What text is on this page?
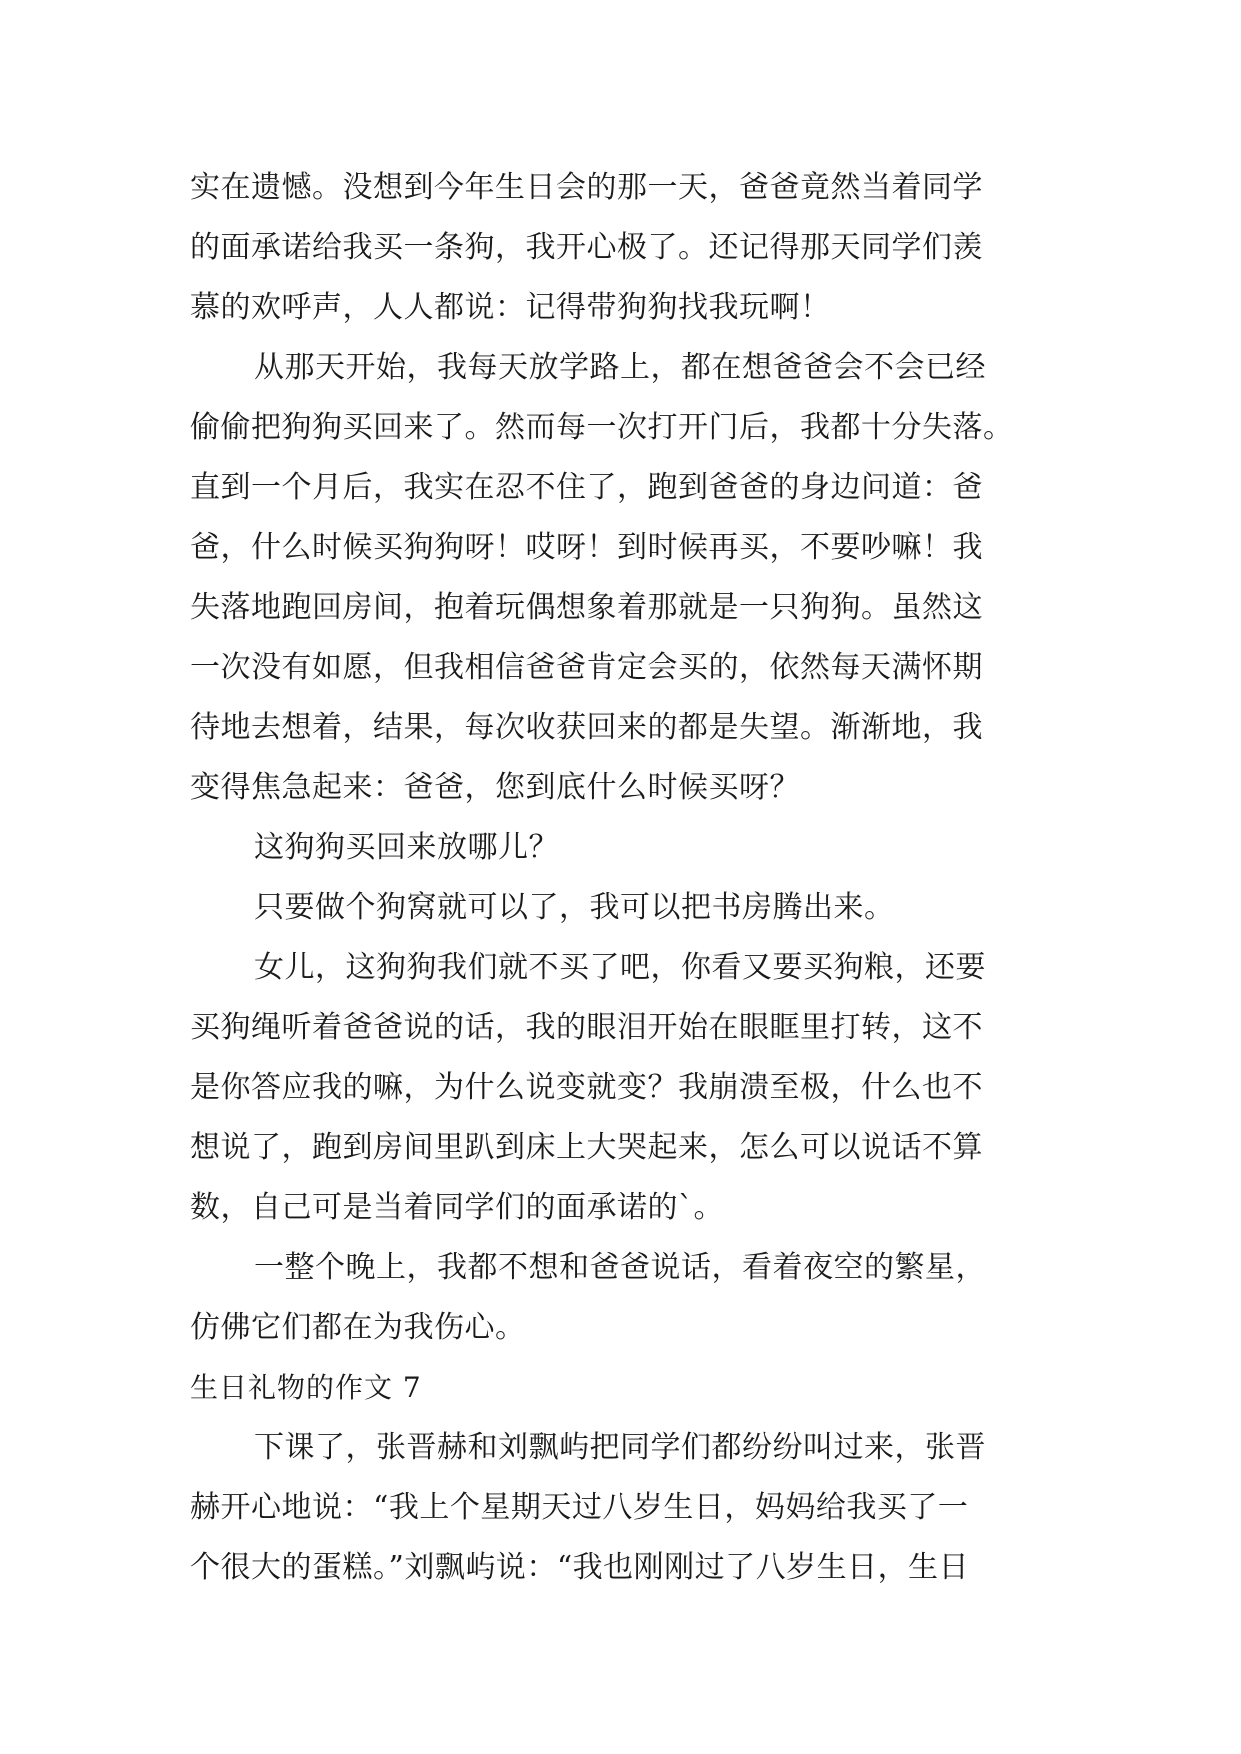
实在遗憾。没想到今年生日会的那一天，爸爸竟然当着同学
的面承诺给我买一条狗，我开心极了。还记得那天同学们羡
慕的欢呼声，人人都说：记得带狗狗找我玩啊！
从那天开始，我每天放学路上，都在想爸爸会不会已经
偷偷把狗狗买回来了。然而每一次打开门后，我都十分失落。
直到一个月后，我实在忍不住了，跑到爸爸的身边问道：爸
爸，什么时候买狗狗呀！哎呀！到时候再买，不要吵嘛！我
失落地跑回房间，抱着玩偶想象着那就是一只狗狗。虽然这
一次没有如愿，但我相信爸爸肯定会买的，依然每天满怀期
待地去想着，结果，每次收获回来的都是失望。渐渐地，我
变得焦急起来：爸爸，您到底什么时候买呀？
这狗狗买回来放哪儿？
只要做个狗窝就可以了，我可以把书房腾出来。
女儿，这狗狗我们就不买了吧，你看又要买狗粮，还要
买狗绳听着爸爸说的话，我的眼泪开始在眼眶里打转，这不
是你答应我的嘛，为什么说变就变？我崩溃至极，什么也不
想说了，跑到房间里趴到床上大哭起来，怎么可以说话不算
数，自己可是当着同学们的面承诺的`。
一整个晚上，我都不想和爸爸说话，看着夜空的繁星，
仿佛它们都在为我伤心。
生日礼物的作文 7
下课了，张晋赫和刘飘屿把同学们都纷纷叫过来，张晋
赫开心地说：“我上个星期天过八岁生日，妈妈给我买了一
个很大的蛋糕。”刘飘屿说：“我也刚刚过了八岁生日，生日
